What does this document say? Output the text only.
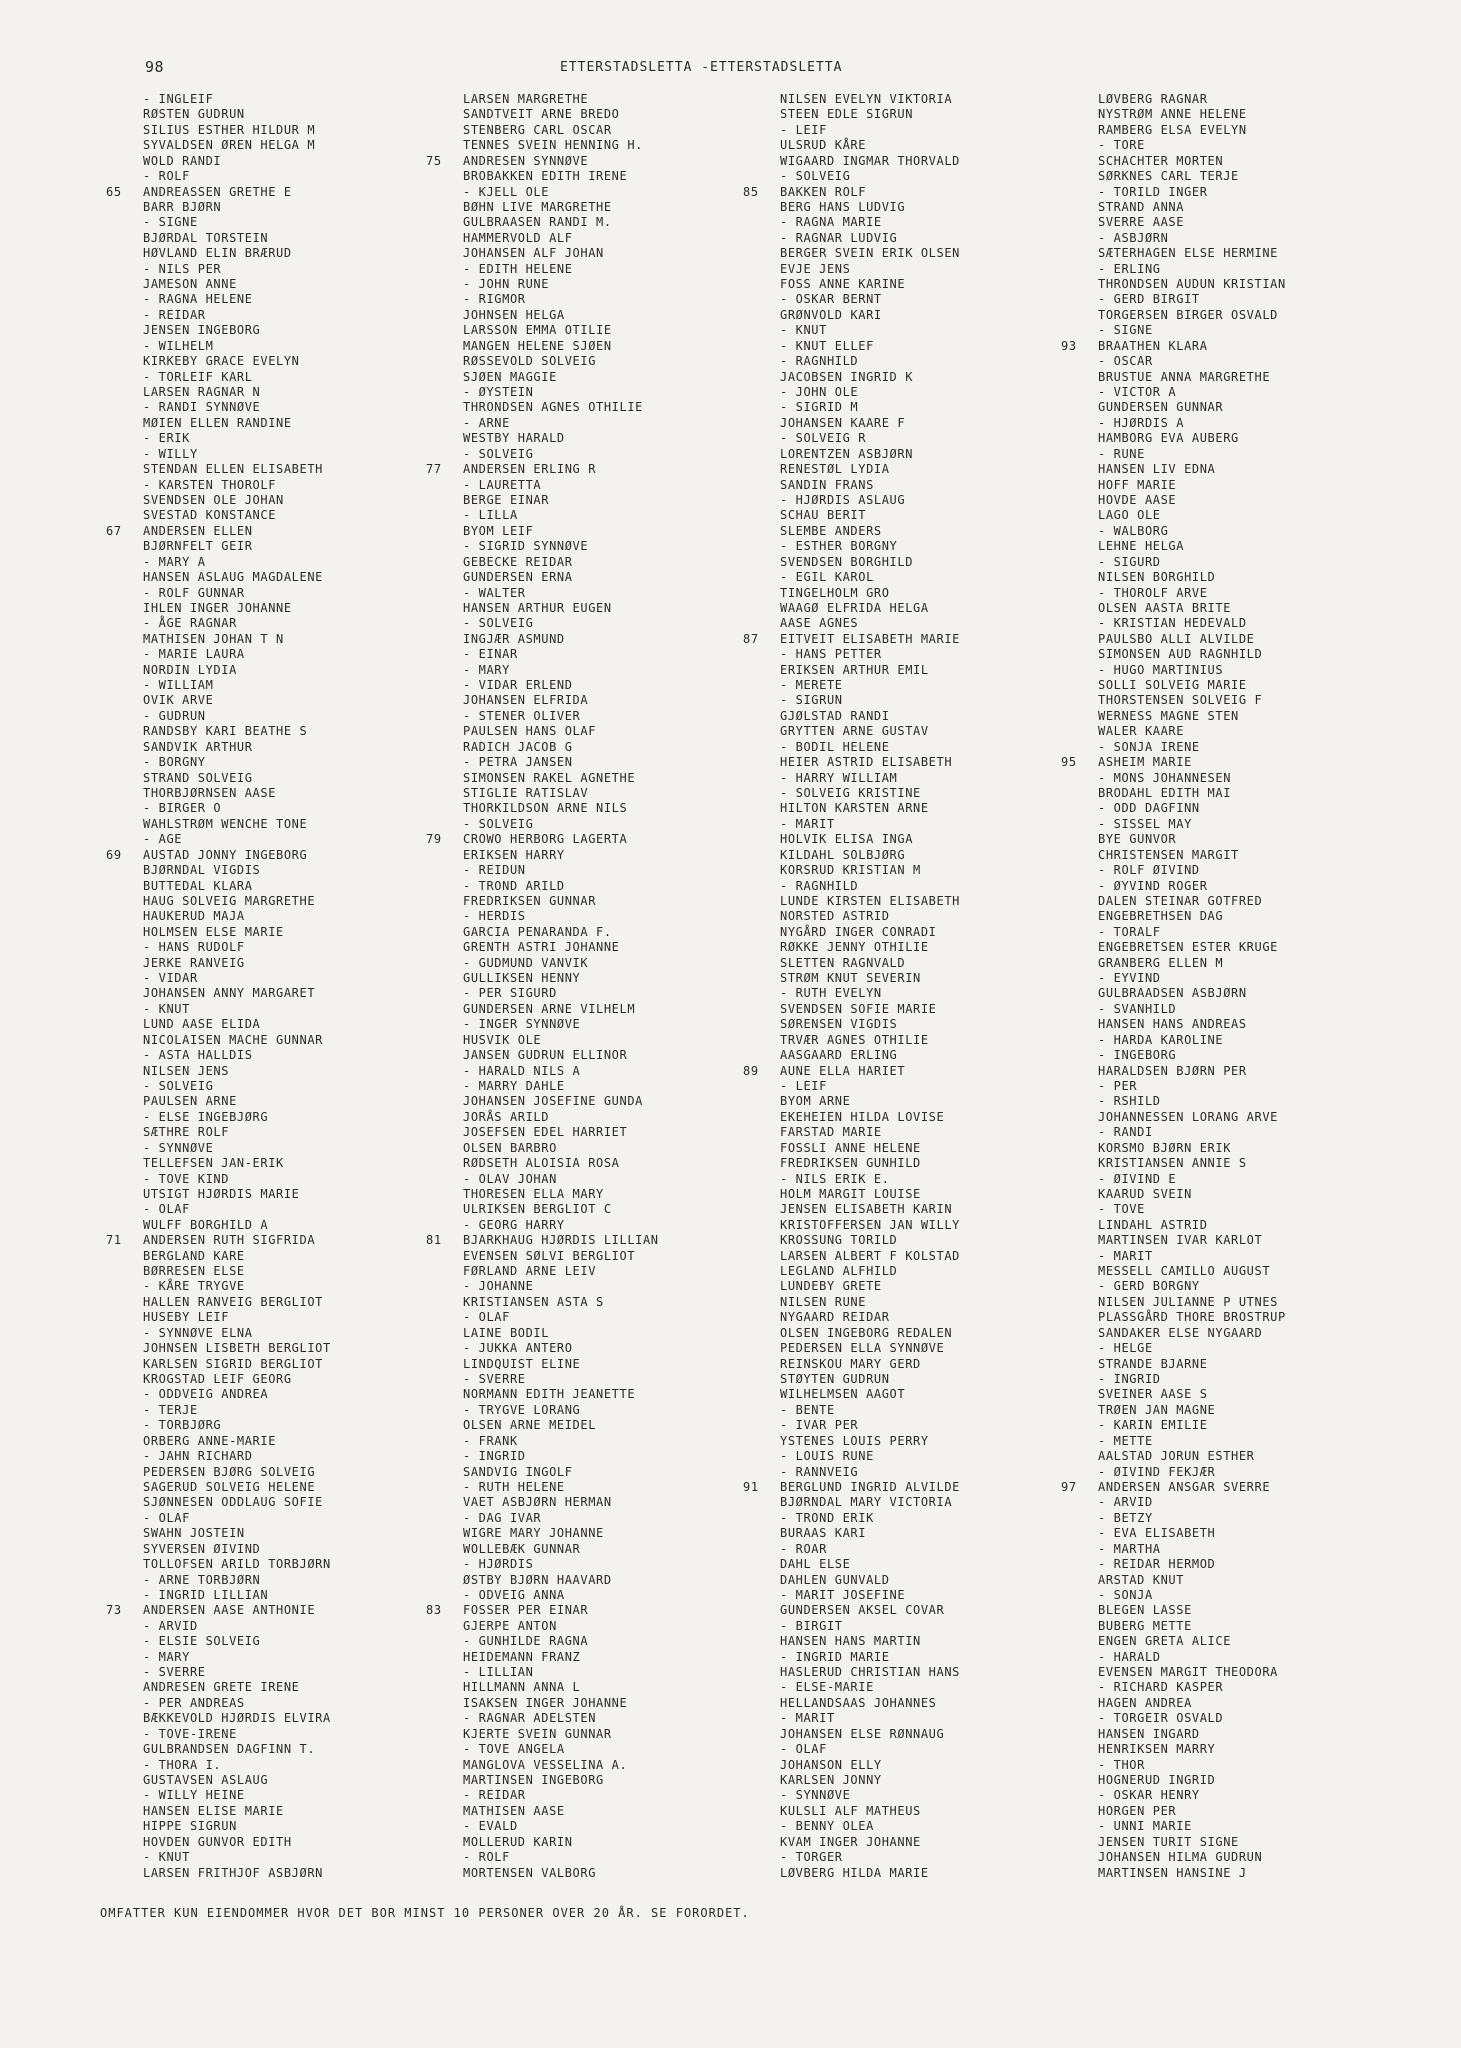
98	ETTERSTADSLETTA -ETTERSTADSLETTA
- INGLEIF
RØSTEN GUDRUN
SILIUS ESTHER HILDUR M
SYVALDSEN ØREN HELGA M
WOLD RANDI
- ROLF
65 ANDREASSEN GRETHE E
BARR BJØRN
- SIGNE
BJØRDAL TORSTEIN
HØVLAND ELIN BRÆRUD
- NILS PER
JAMESON ANNE
- RAGNA HELENE
- REIDAR
JENSEN INGEBORG
- WILHELM
KIRKEBY GRACE EVELYN
- TORLEIF KARL
LARSEN RAGNAR N
- RANDI SYNNØVE
MØIEN ELLEN RANDINE
- ERIK
- WILLY
STENDAN ELLEN ELISABETH
- KARSTEN THOROLF
SVENDSEN OLE JOHAN
SVESTAD KONSTANCE
67 ANDERSEN ELLEN
BJØRNFELT GEIR
- MARY A
HANSEN ASLAUG MAGDALENE
- ROLF GUNNAR
IHLEN INGER JOHANNE
- ÅGE RAGNAR
MATHISEN JOHAN T N
- MARIE LAURA
NORDIN LYDIA
- WILLIAM
OVIK ARVE
- GUDRUN
RANDSBY KARI BEATHE S
SANDVIK ARTHUR
- BORGNY
STRAND SOLVEIG
THORBJØRNSEN AASE
- BIRGER O
WAHLSTRØM WENCHE TONE
- AGE
69 AUSTAD JONNY INGEBORG
BJØRNDAL VIGDIS
BUTTEDAL KLARA
HAUG SOLVEIG MARGRETHE
HAUKERUD MAJA
HOLMSEN ELSE MARIE
- HANS RUDOLF
JERKE RANVEIG
- VIDAR
JOHANSEN ANNY MARGARET
- KNUT
LUND AASE ELIDA
NICOLAISEN MACHE GUNNAR
- ASTA HALLDIS
NILSEN JENS
- SOLVEIG
PAULSEN ARNE
- ELSE INGEBJØRG
SÆTHRE ROLF
- SYNNØVE
TELLEFSEN JAN-ERIK
- TOVE KIND
UTSIGT HJØRDIS MARIE
- OLAF
WULFF BORGHILD A
71 ANDERSEN RUTH SIGFRIDA
BERGLAND KARE
BØRRESEN ELSE
- KÅRE TRYGVE
HALLEN RANVEIG BERGLIOT
HUSEBY LEIF
- SYNNØVE ELNA
JOHNSEN LISBETH BERGLIOT
KARLSEN SIGRID BERGLIOT
KROGSTAD LEIF GEORG
- ODDVEIG ANDREA
- TERJE
- TORBJØRG
ORBERG ANNE-MARIE
- JAHN RICHARD
PEDERSEN BJØRG SOLVEIG
SAGERUD SOLVEIG HELENE
SJØNNESEN ODDLAUG SOFIE
- OLAF
SWAHN JOSTEIN
SYVERSEN ØIVIND
TOLLOFSEN ARILD TORBJØRN
- ARNE TORBJØRN
- INGRID LILLIAN
73 ANDERSEN AASE ANTHONIE
- ARVID
- ELSIE SOLVEIG
- MARY
- SVERRE
ANDRESEN GRETE IRENE
- PER ANDREAS
BÆKKEVOLD HJØRDIS ELVIRA
- TOVE-IRENE
GULBRANDSEN DAGFINN T.
- THORA I.
GUSTAVSEN ASLAUG
- WILLY HEINE
HANSEN ELISE MARIE
HIPPE SIGRUN
HOVDEN GUNVOR EDITH
- KNUT
LARSEN FRITHJOF ASBJØRN
LARSEN MARGRETHE
SANDTVEIT ARNE BREDO
STENBERG CARL OSCAR
TENNES SVEIN HENNING H.
75 ANDRESEN SYNNØVE
BROBAKKEN EDITH IRENE
- KJELL OLE
BØHN LIVE MARGRETHE
GULBRAASEN RANDI M.
HAMMERVOLD ALF
JOHANSEN ALF JOHAN
- EDITH HELENE
- JOHN RUNE
- RIGMOR
JOHNSEN HELGA
LARSSON EMMA OTILIE
MANGEN HELENE SJØEN
RØSSEVOLD SOLVEIG
SJØEN MAGGIE
- ØYSTEIN
THRONDSEN AGNES OTHILIE
- ARNE
WESTBY HARALD
- SOLVEIG
77 ANDERSEN ERLING R
- LAURETTA
BERGE EINAR
- LILLA
BYOM LEIF
- SIGRID SYNNØVE
GEBECKE REIDAR
GUNDERSEN ERNA
- WALTER
HANSEN ARTHUR EUGEN
- SOLVEIG
INGJÆR ASMUND
- EINAR
- MARY
- VIDAR ERLEND
JOHANSEN ELFRIDA
- STENER OLIVER
PAULSEN HANS OLAF
RADICH JACOB G
- PETRA JANSEN
SIMONSEN RAKEL AGNETHE
STIGLIE RATISLAV
THORKILDSON ARNE NILS
- SOLVEIG
79 CROWO HERBORG LAGERTA
ERIKSEN HARRY
- REIDUN
- TROND ARILD
FREDRIKSEN GUNNAR
- HERDIS
GARCIA PENARANDA F.
GRENTH ASTRI JOHANNE
- GUDMUND VANVIK
GULLIKSEN HENNY
- PER SIGURD
GUNDERSEN ARNE VILHELM
- INGER SYNNØVE
HUSVIK OLE
JANSEN GUDRUN ELLINOR
- HARALD NILS A
- MARRY DAHLE
JOHANSEN JOSEFINE GUNDA
JORÅS ARILD
JOSEFSEN EDEL HARRIET
OLSEN BARBRO
RØDSETH ALOISIA ROSA
- OLAV JOHAN
THORESEN ELLA MARY
ULRIKSEN BERGLIOT C
- GEORG HARRY
81 BJARKHAUG HJØRDIS LILLIAN
EVENSEN SØLVI BERGLIOT
FØRLAND ARNE LEIV
- JOHANNE
KRISTIANSEN ASTA S
- OLAF
LAINE BODIL
- JUKKA ANTERO
LINDQUIST ELINE
- SVERRE
NORMANN EDITH JEANETTE
- TRYGVE LORANG
OLSEN ARNE MEIDEL
- FRANK
- INGRID
SANDVIG INGOLF
- RUTH HELENE
VAET ASBJØRN HERMAN
- DAG IVAR
WIGRE MARY JOHANNE
WOLLEBÆK GUNNAR
- HJØRDIS
ØSTBY BJØRN HAAVARD
- ODVEIG ANNA
83 FOSSER PER EINAR
GJERPE ANTON
- GUNHILDE RAGNA
HEIDEMANN FRANZ
- LILLIAN
HILLMANN ANNA L
ISAKSEN INGER JOHANNE
- RAGNAR ADELSTEN
KJERTE SVEIN GUNNAR
- TOVE ANGELA
MANGLOVA VESSELINA A.
MARTINSEN INGEBORG
- REIDAR
MATHISEN AASE
- EVALD
MOLLERUD KARIN
- ROLF
MORTENSEN VALBORG
NILSEN EVELYN VIKTORIA
STEEN EDLE SIGRUN
- LEIF
ULSRUD KÅRE
WIGAARD INGMAR THORVALD
- SOLVEIG
85 BAKKEN ROLF
BERG HANS LUDVIG
- RAGNA MARIE
- RAGNAR LUDVIG
BERGER SVEIN ERIK OLSEN
EVJE JENS
FOSS ANNE KARINE
- OSKAR BERNT
GRØNVOLD KARI
- KNUT
- KNUT ELLEF
- RAGNHILD
JACOBSEN INGRID K
- JOHN OLE
- SIGRID M
JOHANSEN KAARE F
- SOLVEIG R
LORENTZEN ASBJØRN
RENESTØL LYDIA
SANDIN FRANS
- HJØRDIS ASLAUG
SCHAU BERIT
SLEMBE ANDERS
- ESTHER BORGNY
SVENDSEN BORGHILD
- EGIL KAROL
TINGELHOLM GRO
WAAGØ ELFRIDA HELGA
AASE AGNES
87 EITVEIT ELISABETH MARIE
- HANS PETTER
ERIKSEN ARTHUR EMIL
- MERETE
- SIGRUN
GJØLSTAD RANDI
GRYTTEN ARNE GUSTAV
- BODIL HELENE
HEIER ASTRID ELISABETH
- HARRY WILLIAM
- SOLVEIG KRISTINE
HILTON KARSTEN ARNE
- MARIT
HOLVIK ELISA INGA
KILDAHL SOLBJØRG
KORSRUD KRISTIAN M
- RAGNHILD
LUNDE KIRSTEN ELISABETH
NORSTED ASTRID
NYGÅRD INGER CONRADI
RØKKE JENNY OTHILIE
SLETTEN RAGNVALD
STRØM KNUT SEVERIN
- RUTH EVELYN
SVENDSEN SOFIE MARIE
SØRENSEN VIGDIS
TRVÆR AGNES OTHILIE
AASGAARD ERLING
89 AUNE ELLA HARIET
- LEIF
BYOM ARNE
EKEHEIEN HILDA LOVISE
FARSTAD MARIE
FOSSLI ANNE HELENE
FREDRIKSEN GUNHILD
- NILS ERIK E.
HOLM MARGIT LOUISE
JENSEN ELISABETH KARIN
KRISTOFFERSEN JAN WILLY
KROSSUNG TORILD
LARSEN ALBERT F KOLSTAD
LEGLAND ALFHILD
LUNDEBY GRETE
NILSEN RUNE
NYGAARD REIDAR
OLSEN INGEBORG REDALEN
PEDERSEN ELLA SYNNØVE
REINSKOU MARY GERD
STØYTEN GUDRUN
WILHELMSEN AAGOT
- BENTE
- IVAR PER
YSTENES LOUIS PERRY
- LOUIS RUNE
- RANNVEIG
91 BERGLUND INGRID ALVILDE
BJØRNDAL MARY VICTORIA
- TROND ERIK
BURAAS KARI
- ROAR
DAHL ELSE
DAHLEN GUNVALD
- MARIT JOSEFINE
GUNDERSEN AKSEL COVAR
- BIRGIT
HANSEN HANS MARTIN
- INGRID MARIE
HASLERUD CHRISTIAN HANS
- ELSE-MARIE
HELLANDSAAS JOHANNES
- MARIT
JOHANSEN ELSE RØNNAUG
- OLAF
JOHANSON ELLY
KARLSEN JONNY
- SYNNØVE
KULSLI ALF MATHEUS
- BENNY OLEA
KVAM INGER JOHANNE
- TORGER
LØVBERG HILDA MARIE
LØVBERG RAGNAR
NYSTRØM ANNE HELENE
RAMBERG ELSA EVELYN
- TORE
SCHACHTER MORTEN
SØRKNES CARL TERJE
- TORILD INGER
STRAND ANNA
SVERRE AASE
- ASBJØRN
SÆTERHAGEN ELSE HERMINE
- ERLING
THRONDSEN AUDUN KRISTIAN
- GERD BIRGIT
TORGERSEN BIRGER OSVALD
- SIGNE
93 BRAATHEN KLARA
- OSCAR
BRUSTUE ANNA MARGRETHE
- VICTOR A
GUNDERSEN GUNNAR
- HJØRDIS A
HAMBORG EVA AUBERG
- RUNE
HANSEN LIV EDNA
HOFF MARIE
HOVDE AASE
LAGO OLE
- WALBORG
LEHNE HELGA
- SIGURD
NILSEN BORGHILD
- THOROLF ARVE
OLSEN AASTA BRITE
- KRISTIAN HEDEVALD
PAULSBO ALLI ALVILDE
SIMONSEN AUD RAGNHILD
- HUGO MARTINIUS
SOLLI SOLVEIG MARIE
THORSTENSEN SOLVEIG F
WERNESS MAGNE STEN
WALER KAARE
- SONJA IRENE
95 ASHEIM MARIE
- MONS JOHANNESEN
BRODAHL EDITH MAI
- ODD DAGFINN
- SISSEL MAY
BYE GUNVOR
CHRISTENSEN MARGIT
- ROLF ØIVIND
- ØYVIND ROGER
DALEN STEINAR GOTFRED
ENGEBRETHSEN DAG
- TORALF
ENGEBRETSEN ESTER KRUGE
GRANBERG ELLEN M
- EYVIND
GULBRAADSEN ASBJØRN
- SVANHILD
HANSEN HANS ANDREAS
- HARDA KAROLINE
- INGEBORG
HARALDSEN BJØRN PER
- PER
- RSHILD
JOHANNESSEN LORANG ARVE
- RANDI
KORSMO BJØRN ERIK
KRISTIANSEN ANNIE S
- ØIVIND E
KAARUD SVEIN
- TOVE
LINDAHL ASTRID
MARTINSEN IVAR KARLOT
- MARIT
MESSELL CAMILLO AUGUST
- GERD BORGNY
NILSEN JULIANNE P UTNES
PLASSGÅRD THORE BROSTRUP
SANDAKER ELSE NYGAARD
- HELGE
STRANDE BJARNE
- INGRID
SVEINER AASE S
TRØEN JAN MAGNE
- KARIN EMILIE
- METTE
AALSTAD JORUN ESTHER
- ØIVIND FEKJÆR
97 ANDERSEN ANSGAR SVERRE
- ARVID
- BETZY
- EVA ELISABETH
- MARTHA
- REIDAR HERMOD
ARSTAD KNUT
- SONJA
BLEGEN LASSE
BUBERG METTE
ENGEN GRETA ALICE
- HARALD
EVENSEN MARGIT THEODORA
- RICHARD KASPER
HAGEN ANDREA
- TORGEIR OSVALD
HANSEN INGARD
HENRIKSEN MARRY
- THOR
HOGNERUD INGRID
- OSKAR HENRY
HORGEN PER
- UNNI MARIE
JENSEN TURIT SIGNE
JOHANSEN HILMA GUDRUN
MARTINSEN HANSINE J
OMFATTER KUN EIENDOMMER HVOR DET BOR MINST 10 PERSONER OVER 20 ÅR. SE FORORDET.
